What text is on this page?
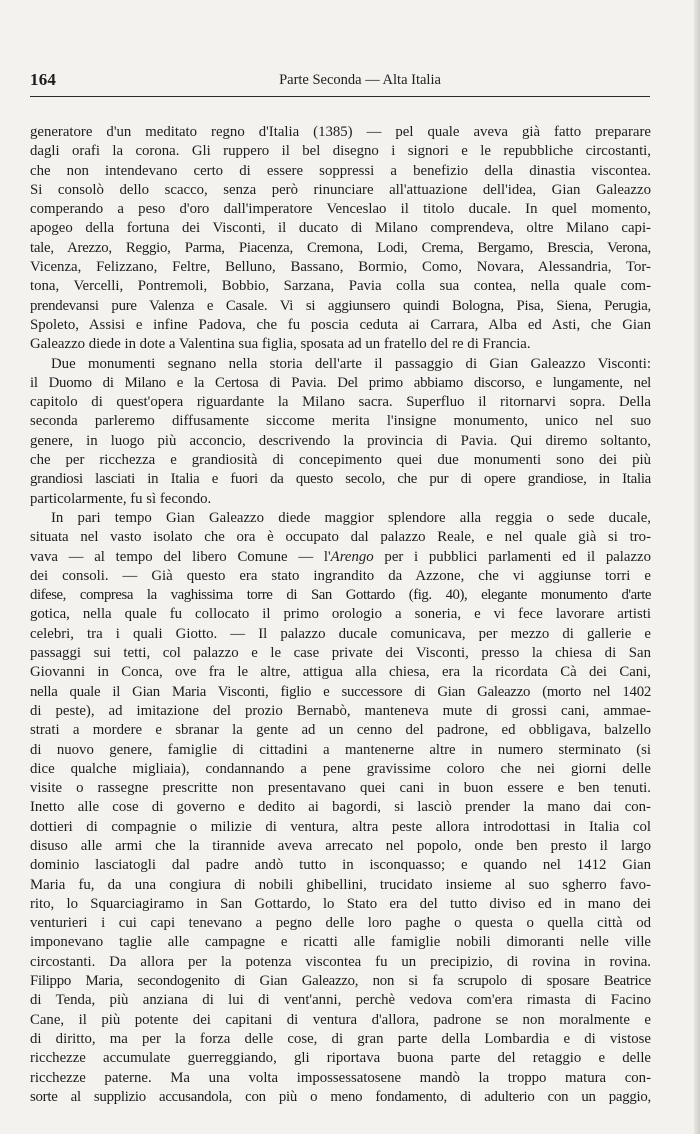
164	Parte Seconda — Alta Italia
generatore d'un meditato regno d'Italia (1385) — pel quale aveva già fatto preparare
dagli orafi la corona. Gli ruppero il bel disegno i signori e le repubbliche circostanti,
che non intendevano certo di essere soppressi a benefizio della dinastia viscontea.
Si consolò dello scacco, senza però rinunciare all'attuazione dell'idea, Gian Galeazzo
comperando a peso d'oro dall'imperatore Venceslao il titolo ducale. In quel momento,
apogeo della fortuna dei Visconti, il ducato di Milano comprendeva, oltre Milano capi-
tale, Arezzo, Reggio, Parma, Piacenza, Cremona, Lodi, Crema, Bergamo, Brescia, Verona,
Vicenza, Felizzano, Feltre, Belluno, Bassano, Bormio, Como, Novara, Alessandria, Tor-
tona, Vercelli, Pontremoli, Bobbio, Sarzana, Pavia colla sua contea, nella quale com-
prendevansi pure Valenza e Casale. Vi si aggiunsero quindi Bologna, Pisa, Siena, Perugia,
Spoleto, Assisi e infine Padova, che fu poscia ceduta ai Carrara, Alba ed Asti, che Gian
Galeazzo diede in dote a Valentina sua figlia, sposata ad un fratello del re di Francia.
Due monumenti segnano nella storia dell'arte il passaggio di Gian Galeazzo Visconti:
il Duomo di Milano e la Certosa di Pavia. Del primo abbiamo discorso, e lungamente, nel
capitolo di quest'opera riguardante la Milano sacra. Superfluo il ritornarvi sopra. Della
seconda parleremo diffusamente siccome merita l'insigne monumento, unico nel suo
genere, in luogo più acconcio, descrivendo la provincia di Pavia. Qui diremo soltanto,
che per ricchezza e grandiosità di concepimento quei due monumenti sono dei più
grandiosi lasciati in Italia e fuori da questo secolo, che pur di opere grandiose, in Italia
particolarmente, fu sì fecondo.
In pari tempo Gian Galeazzo diede maggior splendore alla reggia o sede ducale,
situata nel vasto isolato che ora è occupato dal palazzo Reale, e nel quale già si tro-
vava — al tempo del libero Comune — l'Arengo per i pubblici parlamenti ed il palazzo
dei consoli. — Già questo era stato ingrandito da Azzone, che vi aggiunse torri e
difese, compresa la vaghissima torre di San Gottardo (fig. 40), elegante monumento d'arte
gotica, nella quale fu collocato il primo orologio a soneria, e vi fece lavorare artisti
celebri, tra i quali Giotto. — Il palazzo ducale comunicava, per mezzo di gallerie e
passaggi sui tetti, col palazzo e le case private dei Visconti, presso la chiesa di San
Giovanni in Conca, ove fra le altre, attigua alla chiesa, era la ricordata Cà dei Cani,
nella quale il Gian Maria Visconti, figlio e successore di Gian Galeazzo (morto nel 1402
di peste), ad imitazione del prozio Bernabò, manteneva mute di grossi cani, ammae-
strati a mordere e sbranar la gente ad un cenno del padrone, ed obbligava, balzello
di nuovo genere, famiglie di cittadini a mantenerne altre in numero sterminato (si
dice qualche migliaia), condannando a pene gravissime coloro che nei giorni delle
visite o rassegne prescritte non presentavano quei cani in buon essere e ben tenuti.
Inetto alle cose di governo e dedito ai bagordi, si lasciò prender la mano dai con-
dottieri di compagnie o milizie di ventura, altra peste allora introdottasi in Italia col
disuso alle armi che la tirannide aveva arrecato nel popolo, onde ben presto il largo
dominio lasciatogli dal padre andò tutto in isconquasso; e quando nel 1412 Gian
Maria fu, da una congiura di nobili ghibellini, trucidato insieme al suo sgherro favo-
rito, lo Squarciagiramo in San Gottardo, lo Stato era del tutto diviso ed in mano dei
venturieri i cui capi tenevano a pegno delle loro paghe o questa o quella città od
imponevano taglie alle campagne e ricatti alle famiglie nobili dimoranti nelle ville
circostanti. Da allora per la potenza viscontea fu un precipizio, di rovina in rovina.
Filippo Maria, secondogenito di Gian Galeazzo, non si fa scrupolo di sposare Beatrice
di Tenda, più anziana di lui di vent'anni, perchè vedova com'era rimasta di Facino
Cane, il più potente dei capitani di ventura d'allora, padrone se non moralmente e
di diritto, ma per la forza delle cose, di gran parte della Lombardia e di vistose
ricchezze accumulate guerreggiando, gli riportava buona parte del retaggio e delle
ricchezze paterne. Ma una volta impossessatosene mandò la troppo matura con-
sorte al supplizio accusandola, con più o meno fondamento, di adulterio con un paggio,
